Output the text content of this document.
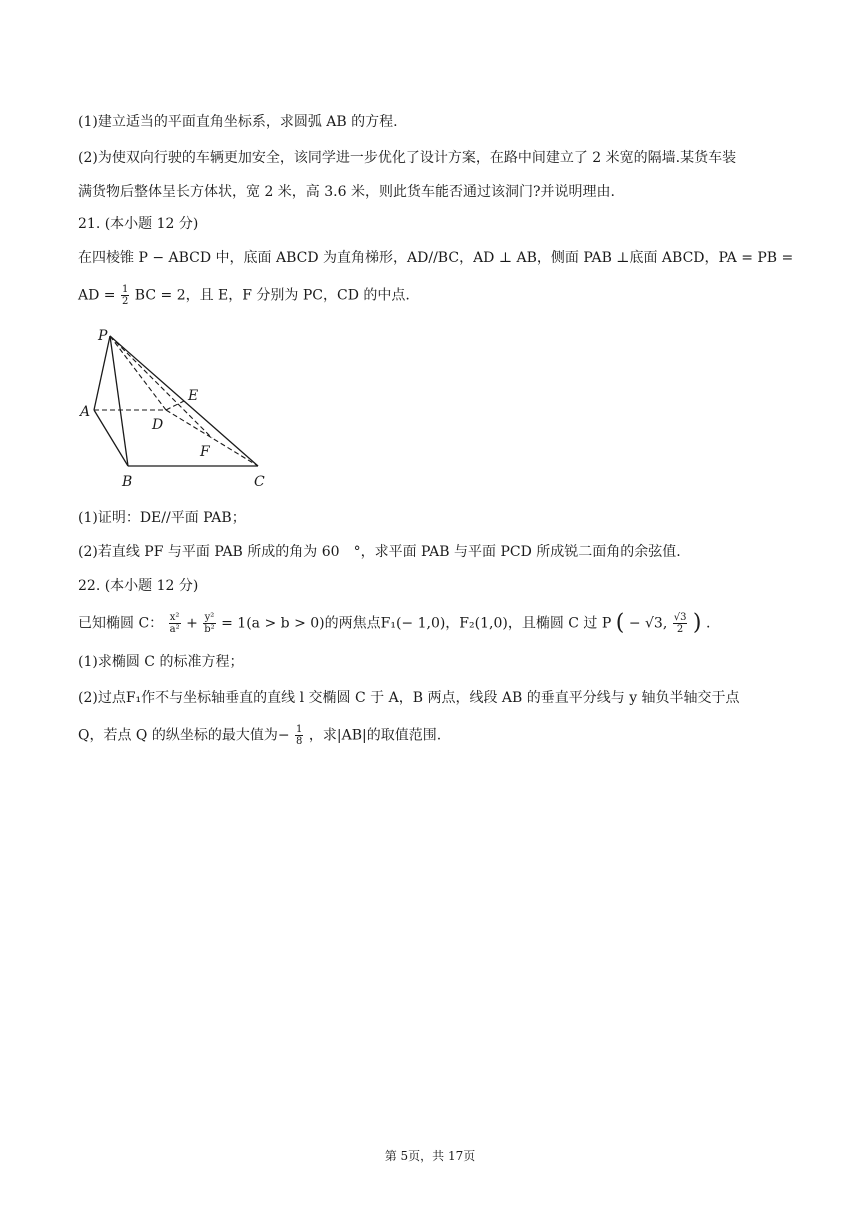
(1)建立适当的平面直角坐标系，求圆弧 AB 的方程.
(2)为使双向行驶的车辆更加安全，该同学进一步优化了设计方案，在路中间建立了 2 米宽的隔墙.某货车装
满货物后整体呈长方体状，宽 2 米，高 3.6 米，则此货车能否通过该洞门?并说明理由.
21. (本小题 12 分)
在四棱锥 P − ABCD 中，底面 ABCD 为直角梯形，AD//BC，AD ⊥ AB，侧面 PAB ⊥底面 ABCD，PA = PB =
AD = $\frac{1}{2}$ BC = 2，且 E，F 分别为 PC，CD 的中点.
P
A
B	C
D
E
F
(1)证明：DE//平面 PAB；
(2)若直线 PF 与平面 PAB 所成的角为 60　°，求平面 PAB 与平面 PCD 所成锐二面角的余弦值.
22. (本小题 12 分)
已知椭圆 C： $\frac{\text{x²}}{\text{a²}} + \frac{\text{y²}}{\text{b²}} = 1(a > b > 0)$的两焦点F₁(− 1,0)，F₂(1,0)，且椭圆 C 过 P ( − √3, $\frac{√3}{2}$ ) .
(1)求椭圆 C 的标准方程；
(2)过点F₁作不与坐标轴垂直的直线 l 交椭圆 C 于 A，B 两点，线段 AB 的垂直平分线与 y 轴负半轴交于点
Q，若点 Q 的纵坐标的最大值为− $\frac{1}{8}$ ，求|AB|的取值范围.
第 5页，共 17页
